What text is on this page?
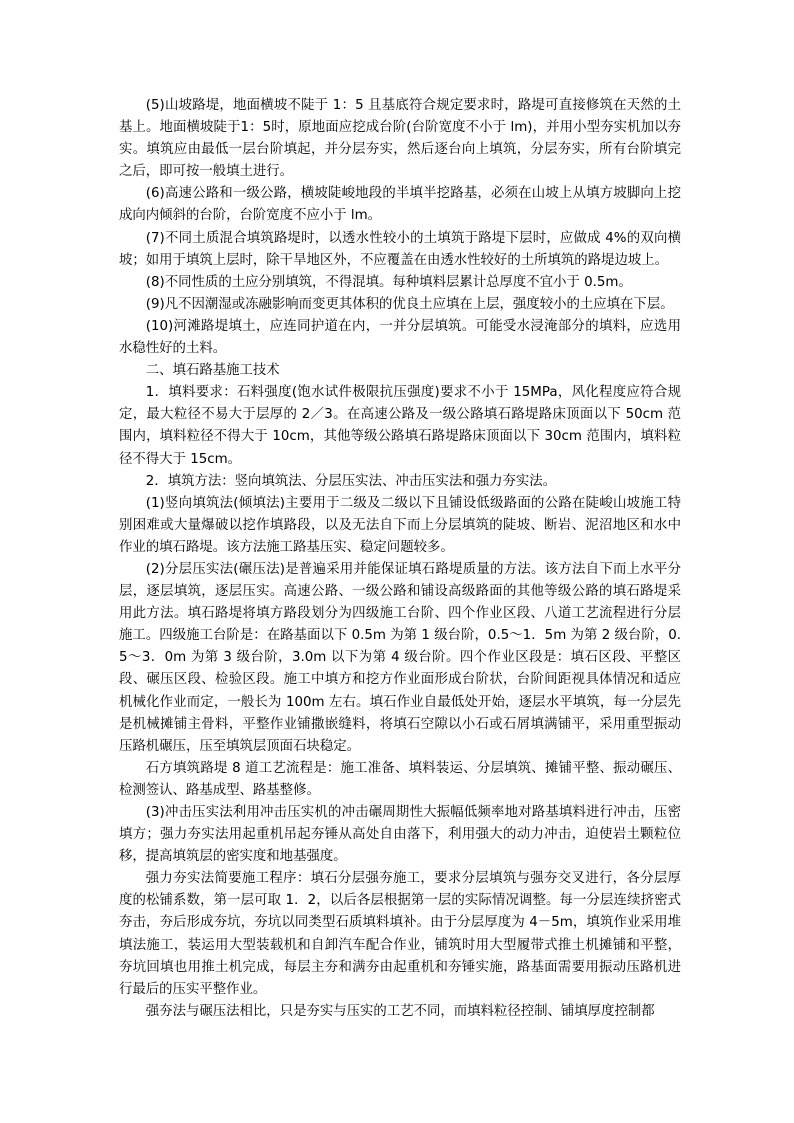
(5)山坡路堤，地面横坡不陡于 1：5 且基底符合规定要求时，路堤可直接修筑在天然的土基上。地面横坡陡于1：5时，原地面应挖成台阶(台阶宽度不小于 lm)，并用小型夯实机加以夯实。填筑应由最低一层台阶填起，并分层夯实，然后逐台向上填筑，分层夯实，所有台阶填完之后，即可按一般填土进行。

(6)高速公路和一级公路，横坡陡峻地段的半填半挖路基，必须在山坡上从填方坡脚向上挖成向内倾斜的台阶，台阶宽度不应小于 lm。

(7)不同土质混合填筑路堤时，以透水性较小的土填筑于路堤下层时，应做成 4%的双向横坡；如用于填筑上层时，除干旱地区外，不应覆盖在由透水性较好的土所填筑的路堤边坡上。

(8)不同性质的土应分别填筑，不得混填。每种填料层累计总厚度不宜小于 0.5m。

(9)凡不因潮湿或冻融影响而变更其体积的优良土应填在上层，强度较小的土应填在下层。

(10)河滩路堤填土，应连同护道在内，一并分层填筑。可能受水浸淹部分的填料，应选用水稳性好的土料。

二、填石路基施工技术

1．填料要求：石料强度(饱水试件极限抗压强度)要求不小于 15MPa，风化程度应符合规定，最大粒径不易大于层厚的 2／3。在高速公路及一级公路填石路堤路床顶面以下 50cm 范围内，填料粒径不得大于 10cm，其他等级公路填石路堤路床顶面以下 30cm 范围内，填料粒径不得大于 15cm。

2．填筑方法：竖向填筑法、分层压实法、冲击压实法和强力夯实法。

(1)竖向填筑法(倾填法)主要用于二级及二级以下且铺设低级路面的公路在陡峻山坡施工特别困难或大量爆破以挖作填路段，以及无法自下而上分层填筑的陡坡、断岩、泥沼地区和水中作业的填石路堤。该方法施工路基压实、稳定问题较多。

(2)分层压实法(碾压法)是普遍采用并能保证填石路堤质量的方法。该方法自下而上水平分层，逐层填筑，逐层压实。高速公路、一级公路和铺设高级路面的其他等级公路的填石路堤采用此方法。填石路堤将填方路段划分为四级施工台阶、四个作业区段、八道工艺流程进行分层施工。四级施工台阶是：在路基面以下 0.5m 为第 1 级台阶，0.5～1．5m 为第 2 级台阶，0.5～3．0m 为第 3 级台阶，3.0m 以下为第 4 级台阶。四个作业区段是：填石区段、平整区段、碾压区段、检验区段。施工中填方和挖方作业面形成台阶状，台阶间距视具体情况和适应机械化作业而定，一般长为 100m 左右。填石作业自最低处开始，逐层水平填筑，每一分层先是机械摊铺主骨料，平整作业铺撒嵌缝料，将填石空隙以小石或石屑填满铺平，采用重型振动压路机碾压，压至填筑层顶面石块稳定。

石方填筑路堤 8 道工艺流程是：施工准备、填料装运、分层填筑、摊铺平整、振动碾压、检测签认、路基成型、路基整修。

(3)冲击压实法利用冲击压实机的冲击碾周期性大振幅低频率地对路基填料进行冲击，压密填方；强力夯实法用起重机吊起夯锤从高处自由落下，利用强大的动力冲击，迫使岩土颗粒位移，提高填筑层的密实度和地基强度。

强力夯实法简要施工程序：填石分层强夯施工，要求分层填筑与强夯交叉进行，各分层厚度的松铺系数，第一层可取 1．2，以后各层根据第一层的实际情况调整。每一分层连续挤密式夯击，夯后形成夯坑，夯坑以同类型石质填料填补。由于分层厚度为 4－5m，填筑作业采用堆填法施工，装运用大型装载机和自卸汽车配合作业，铺筑时用大型履带式推土机摊铺和平整，夯坑回填也用推土机完成，每层主夯和满夯由起重机和夯锤实施，路基面需要用振动压路机进行最后的压实平整作业。

强夯法与碾压法相比，只是夯实与压实的工艺不同，而填料粒径控制、铺填厚度控制都
